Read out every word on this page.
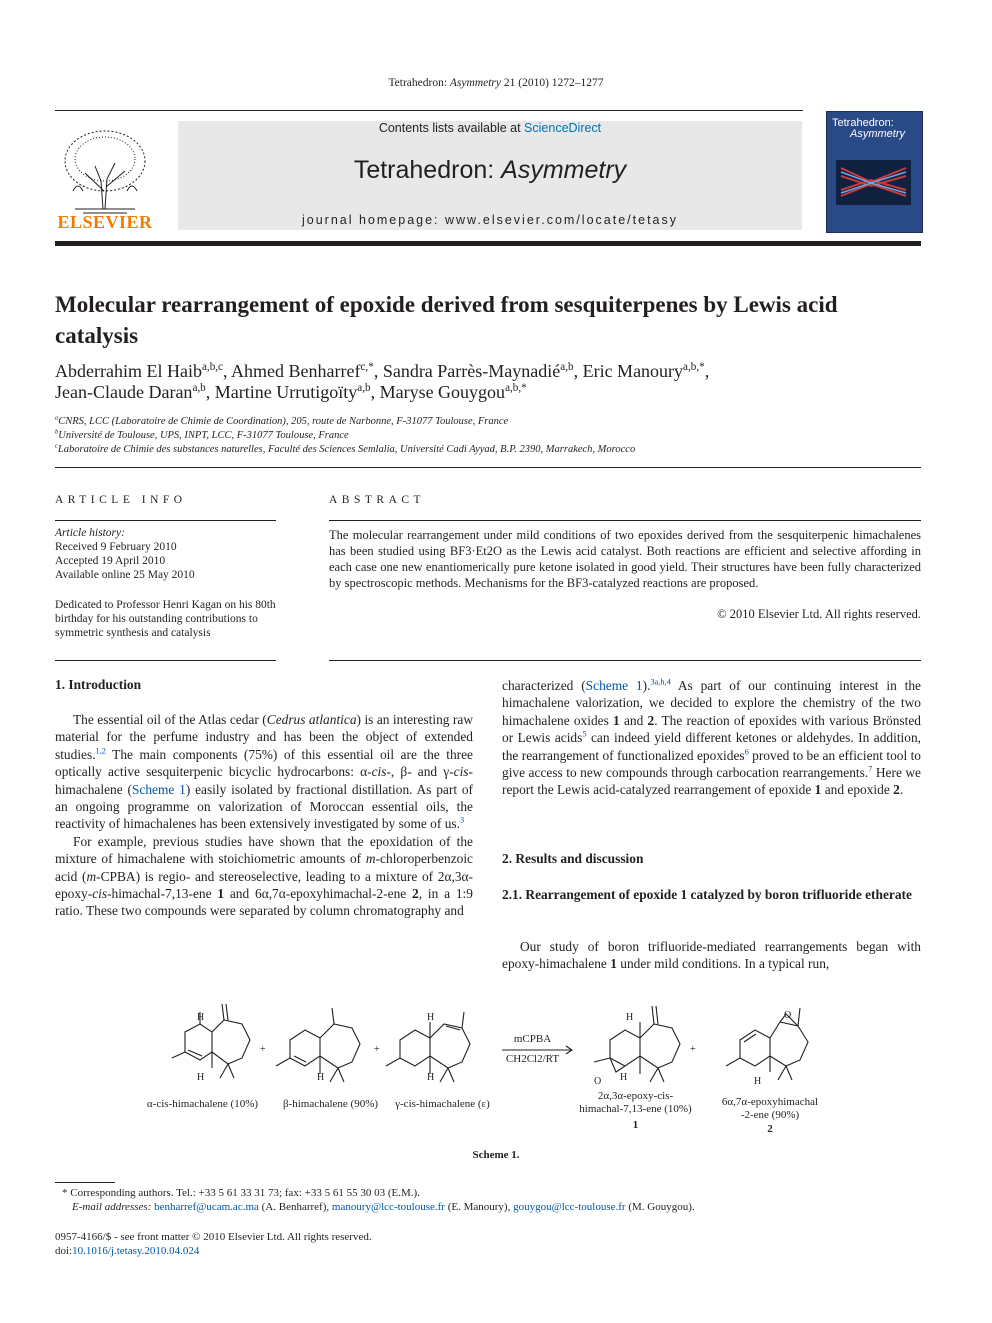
Tetrahedron: Asymmetry 21 (2010) 1272–1277
ELSEVIER
Contents lists available at ScienceDirect
Tetrahedron: Asymmetry
journal homepage: www.elsevier.com/locate/tetasy
Tetrahedron:
Asymmetry
Molecular rearrangement of epoxide derived from sesquiterpenes by Lewis acid catalysis
Abderrahim El Haib$^{a,b,c}$, Ahmed Benharref$^{c,*}$, Sandra Parrès-Maynadié$^{a,b}$, Eric Manoury$^{a,b,*}$,
Jean-Claude Daran$^{a,b}$, Martine Urrutigoïty$^{a,b}$, Maryse Gouygou$^{a,b,*}$
$^a$CNRS, LCC (Laboratoire de Chimie de Coordination), 205, route de Narbonne, F-31077 Toulouse, France
$^b$Université de Toulouse, UPS, INPT, LCC, F-31077 Toulouse, France
$^c$Laboratoire de Chimie des substances naturelles, Faculté des Sciences Semlalia, Université Cadi Ayyad, B.P. 2390, Marrakech, Morocco
ARTICLE INFO
Article history:
Received 9 February 2010
Accepted 19 April 2010
Available online 25 May 2010
Dedicated to Professor Henri Kagan on his 80th birthday for his outstanding contributions to symmetric synthesis and catalysis
ABSTRACT
The molecular rearrangement under mild conditions of two epoxides derived from the sesquiterpenic himachalenes has been studied using BF3·Et2O as the Lewis acid catalyst. Both reactions are efficient and selective affording in each case one new enantiomerically pure ketone isolated in good yield. Their structures have been fully characterized by spectroscopic methods. Mechanisms for the BF3-catalyzed reactions are proposed.
© 2010 Elsevier Ltd. All rights reserved.
1. Introduction

The essential oil of the Atlas cedar (Cedrus atlantica) is an interesting raw material for the perfume industry and has been the object of extended studies.$^{1,2}$ The main components (75%) of this essential oil are the three optically active sesquiterpenic bicyclic hydrocarbons: α-cis-, β- and γ-cis-himachalene (Scheme 1) easily isolated by fractional distillation. As part of an ongoing programme on valorization of Moroccan essential oils, the reactivity of himachalenes has been extensively investigated by some of us.$^3$

For example, previous studies have shown that the epoxidation of the mixture of himachalene with stoichiometric amounts of m-chloroperbenzoic acid (m-CPBA) is regio- and stereoselective, leading to a mixture of 2α,3α-epoxy-cis-himachal-7,13-ene 1 and 6α,7α-epoxyhimachal-2-ene 2, in a 1:9 ratio. These two compounds were separated by column chromatography and

characterized (Scheme 1).$^{3a,h,4}$ As part of our continuing interest in the himachalene valorization, we decided to explore the chemistry of the two himachalene oxides 1 and 2. The reaction of epoxides with various Brönsted or Lewis acids$^5$ can indeed yield different ketones or aldehydes. In addition, the rearrangement of functionalized epoxides$^6$ proved to be an efficient tool to give access to new compounds through carbocation rearrangements.$^7$ Here we report the Lewis acid-catalyzed rearrangement of epoxide 1 and epoxide 2.

2. Results and discussion
2.1. Rearrangement of epoxide 1 catalyzed by boron trifluoride etherate

Our study of boron trifluoride-mediated rearrangements began with epoxy-himachalene 1 under mild conditions. In a typical run,

H
H	H
H
H
H
O H
O
H
+	+	+
mCPBA
CH2Cl2/RT
α-cis-himachalene (10%)	β-himachalene (90%)	γ-cis-himachalene (ε)
2α,3α-epoxy-cis-
himachal-7,13-ene (10%)
1
6α,7α-epoxyhimachal
-2-ene (90%)
2
Scheme 1.
* Corresponding authors. Tel.: +33 5 61 33 31 73; fax: +33 5 61 55 30 03 (E.M.).
E-mail addresses: benharref@ucam.ac.ma (A. Benharref), manoury@lcc-toulouse.fr (E. Manoury), gouygou@lcc-toulouse.fr (M. Gouygou).
0957-4166/$ - see front matter © 2010 Elsevier Ltd. All rights reserved.
doi:10.1016/j.tetasy.2010.04.024
